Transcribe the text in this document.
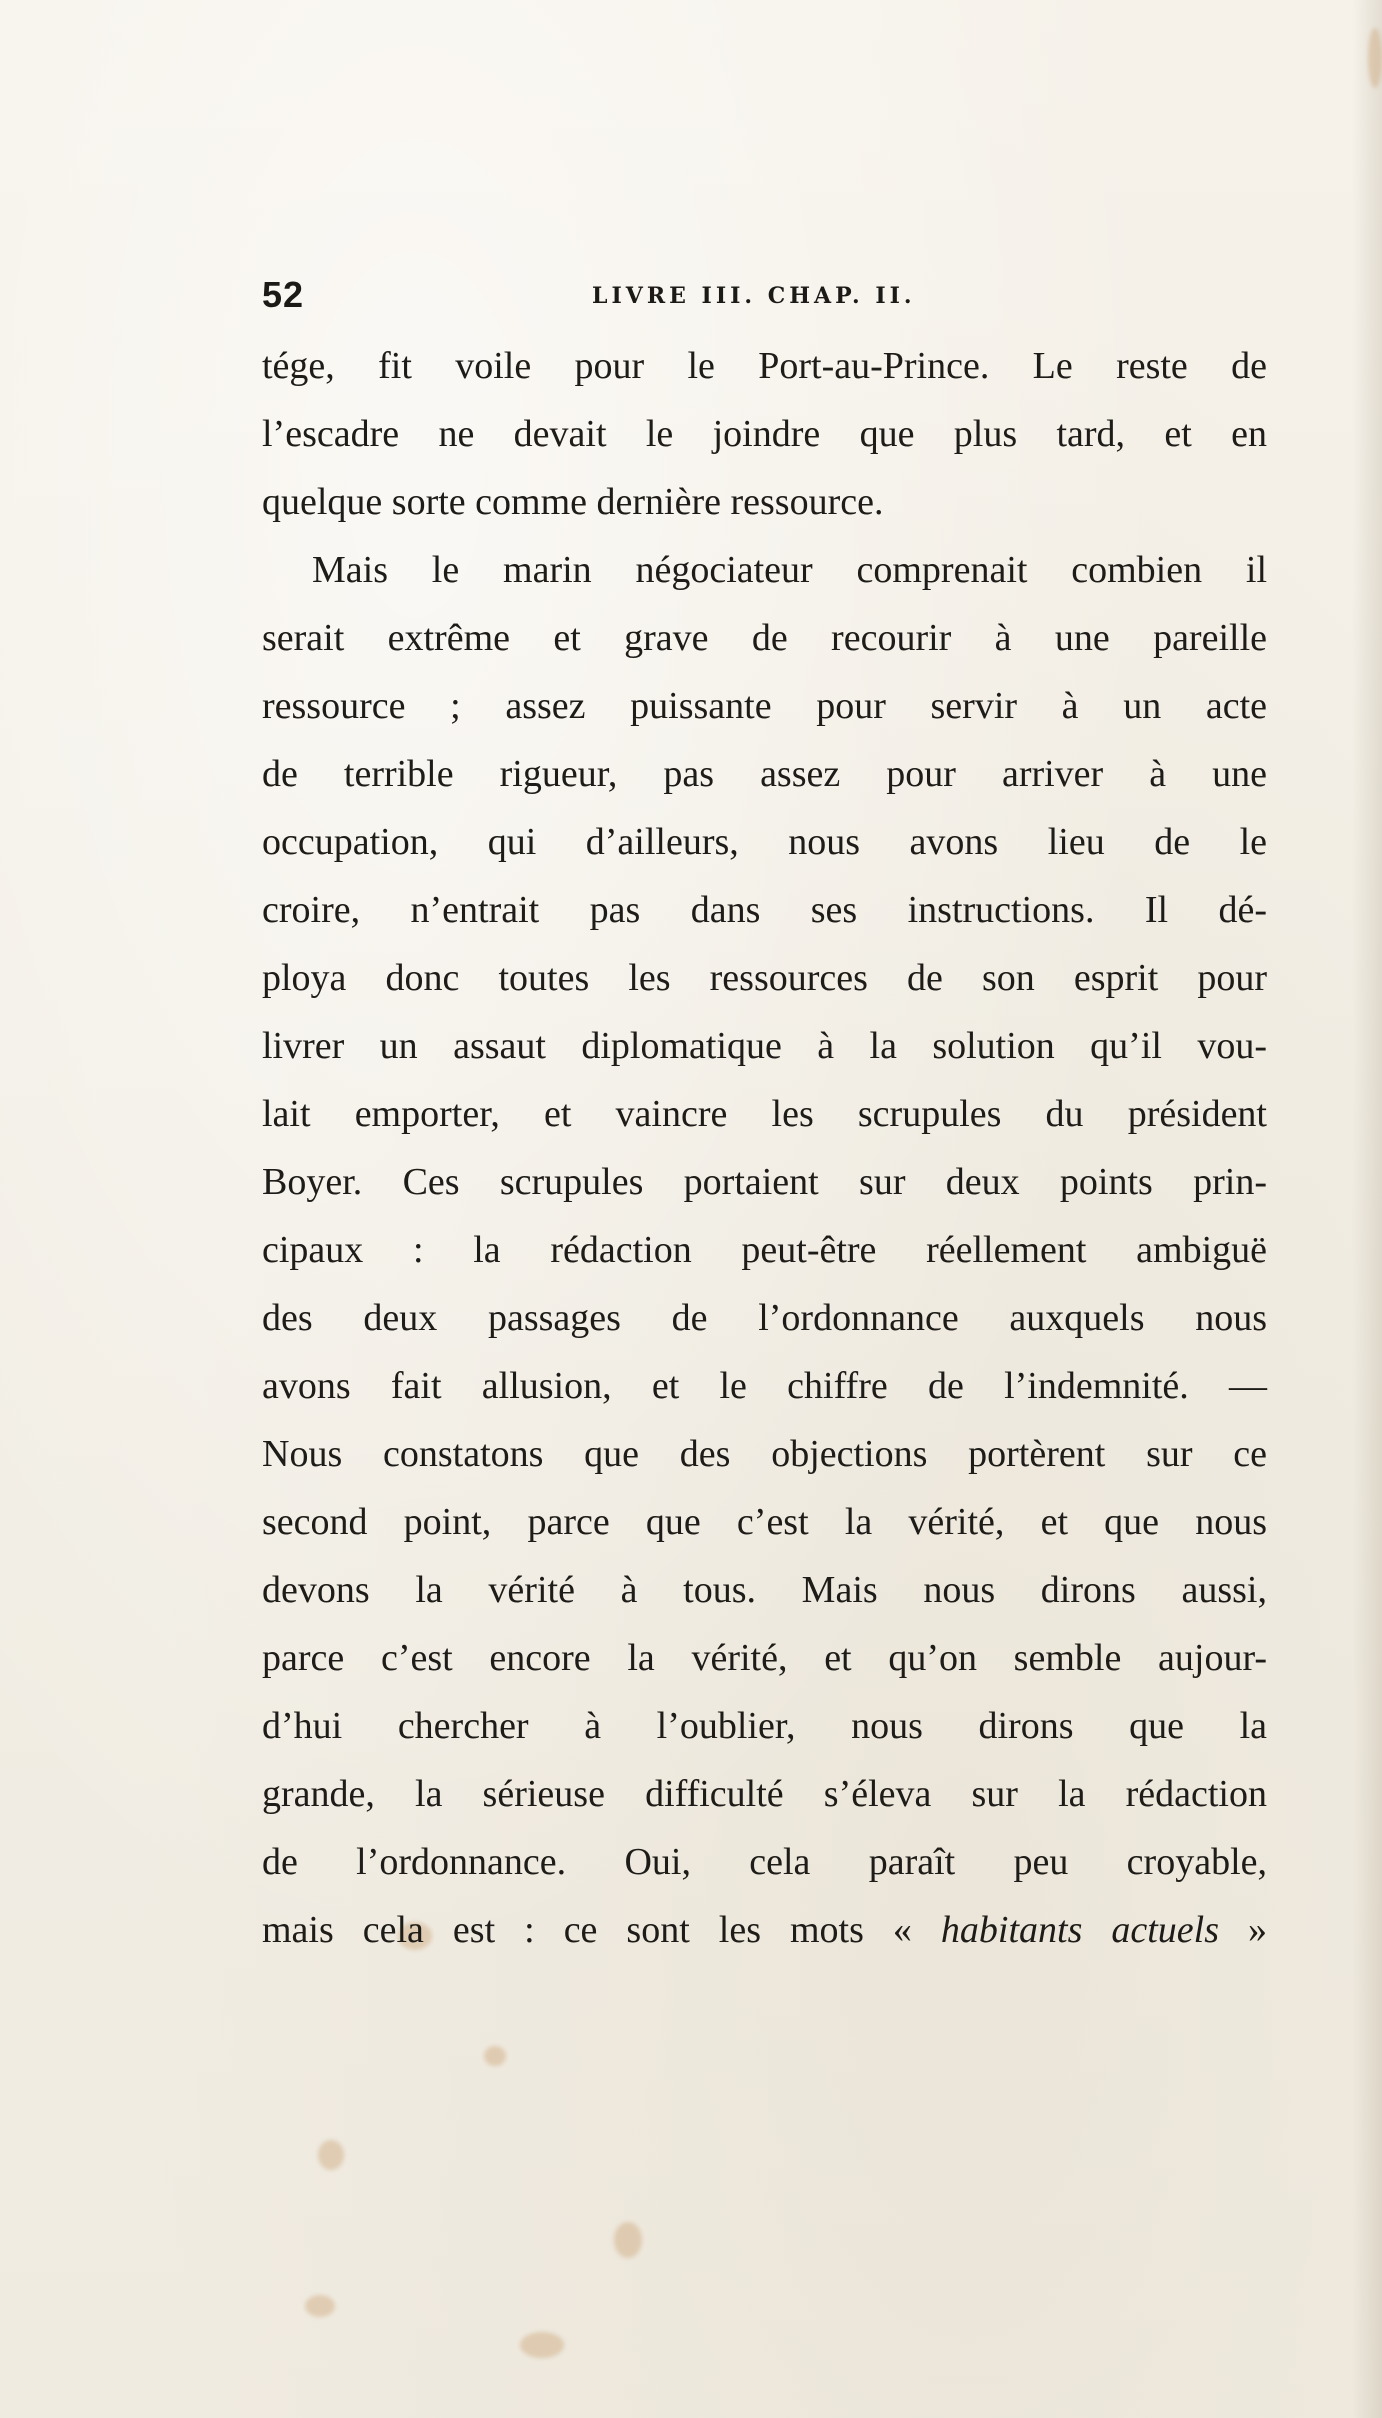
52	LIVRE III. CHAP. II.
tége, fit voile pour le Port-au-Prince. Le reste de
l’escadre ne devait le joindre que plus tard, et en
quelque sorte comme dernière ressource.
Mais le marin négociateur comprenait combien il
serait extrême et grave de recourir à une pareille
ressource ; assez puissante pour servir à un acte
de terrible rigueur, pas assez pour arriver à une
occupation, qui d’ailleurs, nous avons lieu de le
croire, n’entrait pas dans ses instructions. Il dé-
ploya donc toutes les ressources de son esprit pour
livrer un assaut diplomatique à la solution qu’il vou-
lait emporter, et vaincre les scrupules du président
Boyer. Ces scrupules portaient sur deux points prin-
cipaux : la rédaction peut-être réellement ambiguë
des deux passages de l’ordonnance auxquels nous
avons fait allusion, et le chiffre de l’indemnité. —
Nous constatons que des objections portèrent sur ce
second point, parce que c’est la vérité, et que nous
devons la vérité à tous. Mais nous dirons aussi,
parce c’est encore la vérité, et qu’on semble aujour-
d’hui chercher à l’oublier, nous dirons que la
grande, la sérieuse difficulté s’éleva sur la rédaction
de l’ordonnance. Oui, cela paraît peu croyable,
mais cela est : ce sont les mots « habitants actuels »
